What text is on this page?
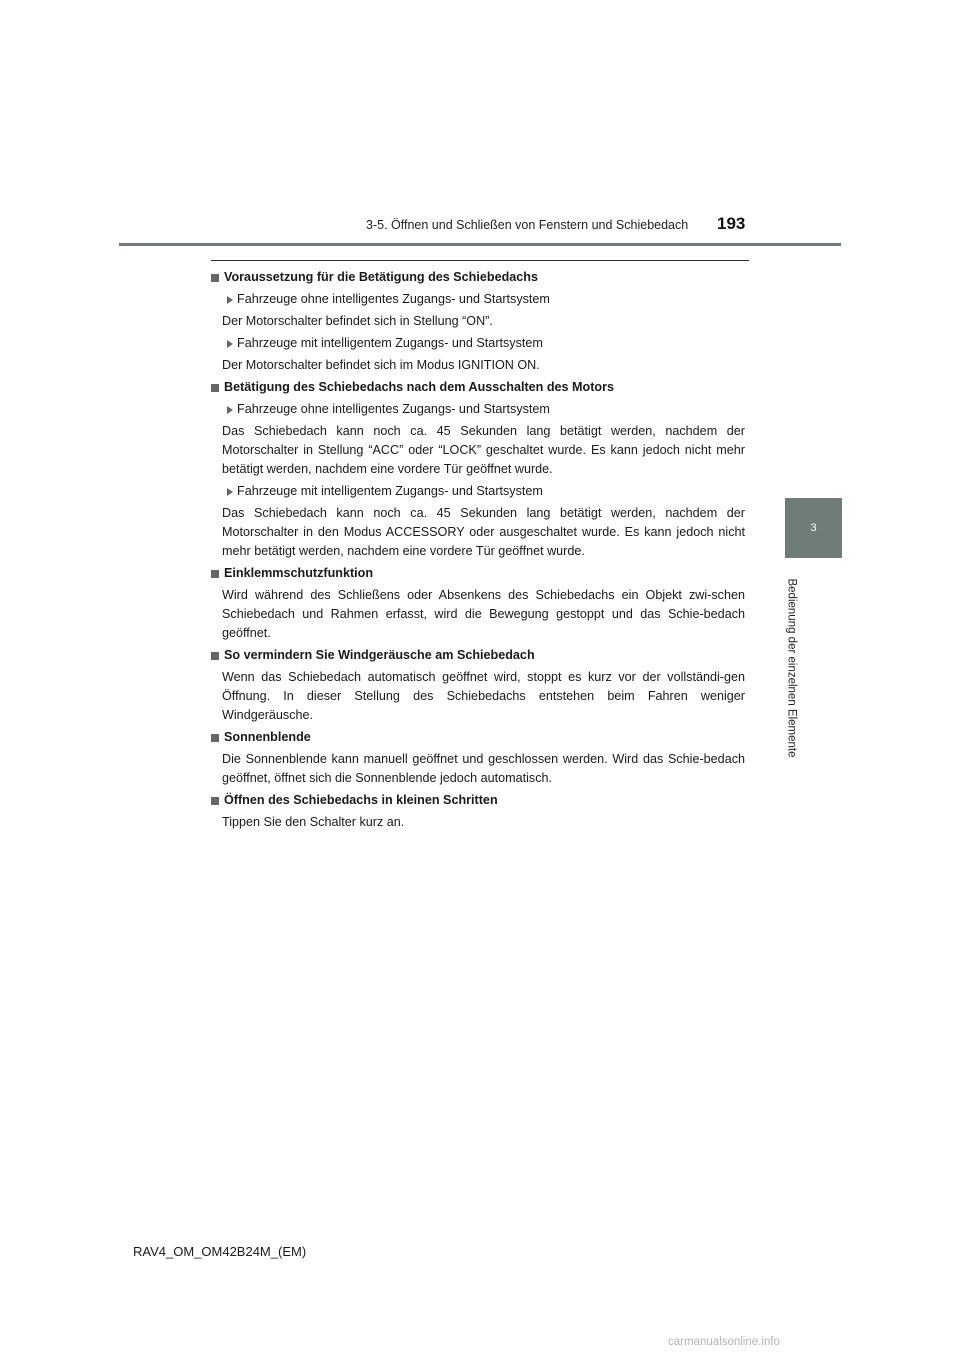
3-5. Öffnen und Schließen von Fenstern und Schiebedach	193
3
Bedienung der einzelnen Elemente
Voraussetzung für die Betätigung des Schiebedachs
Fahrzeuge ohne intelligentes Zugangs- und Startsystem
Der Motorschalter befindet sich in Stellung “ON”.
Fahrzeuge mit intelligentem Zugangs- und Startsystem
Der Motorschalter befindet sich im Modus IGNITION ON.
Betätigung des Schiebedachs nach dem Ausschalten des Motors
Fahrzeuge ohne intelligentes Zugangs- und Startsystem
Das Schiebedach kann noch ca. 45 Sekunden lang betätigt werden, nachdem der Motorschalter in Stellung “ACC” oder “LOCK” geschaltet wurde. Es kann jedoch nicht mehr betätigt werden, nachdem eine vordere Tür geöffnet wurde.
Fahrzeuge mit intelligentem Zugangs- und Startsystem
Das Schiebedach kann noch ca. 45 Sekunden lang betätigt werden, nachdem der Motorschalter in den Modus ACCESSORY oder ausgeschaltet wurde. Es kann jedoch nicht mehr betätigt werden, nachdem eine vordere Tür geöffnet wurde.
Einklemmschutzfunktion
Wird während des Schließens oder Absenkens des Schiebedachs ein Objekt zwi-schen Schiebedach und Rahmen erfasst, wird die Bewegung gestoppt und das Schie-bedach geöffnet.
So vermindern Sie Windgeräusche am Schiebedach
Wenn das Schiebedach automatisch geöffnet wird, stoppt es kurz vor der vollständi-gen Öffnung. In dieser Stellung des Schiebedachs entstehen beim Fahren weniger Windgeräusche.
Sonnenblende
Die Sonnenblende kann manuell geöffnet und geschlossen werden. Wird das Schie-bedach geöffnet, öffnet sich die Sonnenblende jedoch automatisch.
Öffnen des Schiebedachs in kleinen Schritten
Tippen Sie den Schalter kurz an.
RAV4_OM_OM42B24M_(EM)
carmanualsonline.info
